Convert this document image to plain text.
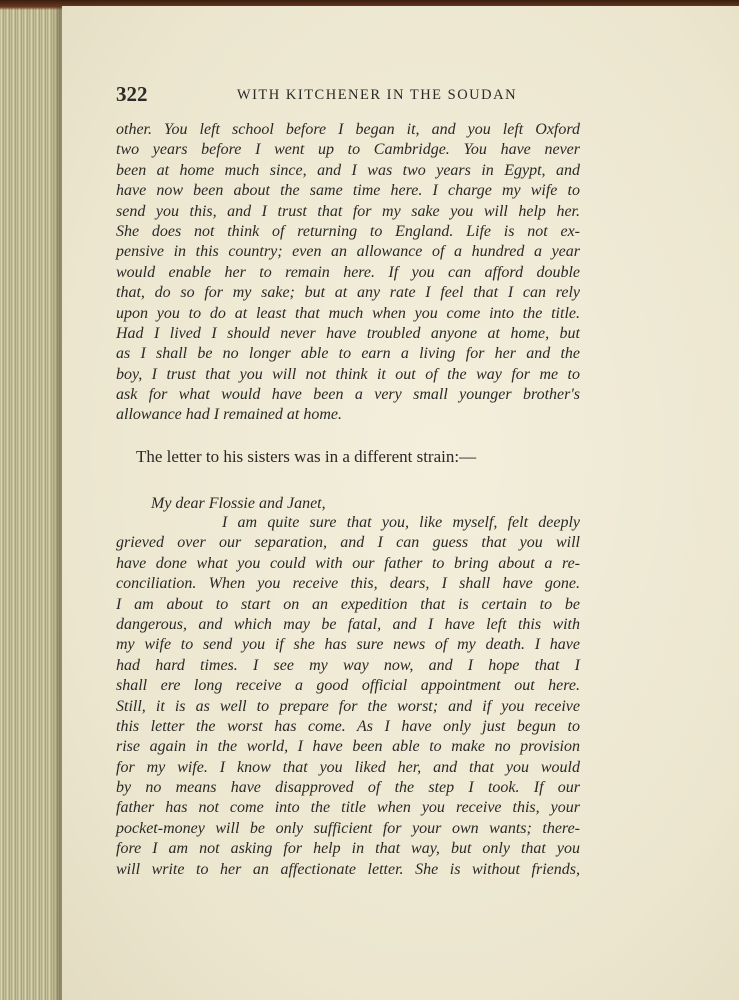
322	WITH KITCHENER IN THE SOUDAN
other. You left school before I began it, and you left Oxford
two years before I went up to Cambridge. You have never
been at home much since, and I was two years in Egypt, and
have now been about the same time here. I charge my wife to
send you this, and I trust that for my sake you will help her.
She does not think of returning to England. Life is not ex-
pensive in this country; even an allowance of a hundred a year
would enable her to remain here. If you can afford double
that, do so for my sake; but at any rate I feel that I can rely
upon you to do at least that much when you come into the title.
Had I lived I should never have troubled anyone at home, but
as I shall be no longer able to earn a living for her and the
boy, I trust that you will not think it out of the way for me to
ask for what would have been a very small younger brother's
allowance had I remained at home.
The letter to his sisters was in a different strain:—
My dear Flossie and Janet,
I am quite sure that you, like myself, felt deeply
grieved over our separation, and I can guess that you will
have done what you could with our father to bring about a re-
conciliation. When you receive this, dears, I shall have gone.
I am about to start on an expedition that is certain to be
dangerous, and which may be fatal, and I have left this with
my wife to send you if she has sure news of my death. I have
had hard times. I see my way now, and I hope that I
shall ere long receive a good official appointment out here.
Still, it is as well to prepare for the worst; and if you receive
this letter the worst has come. As I have only just begun to
rise again in the world, I have been able to make no provision
for my wife. I know that you liked her, and that you would
by no means have disapproved of the step I took. If our
father has not come into the title when you receive this, your
pocket-money will be only sufficient for your own wants; there-
fore I am not asking for help in that way, but only that you
will write to her an affectionate letter. She is without friends,
